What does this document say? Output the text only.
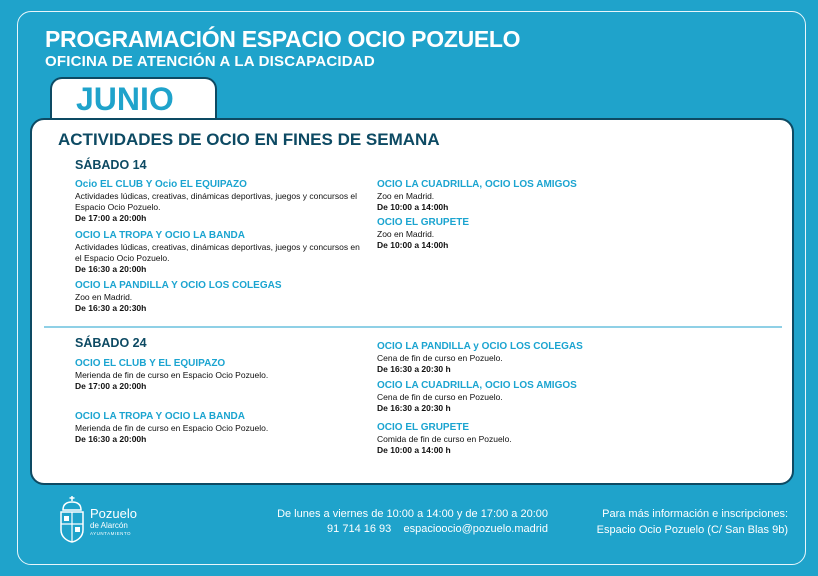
PROGRAMACIÓN ESPACIO OCIO POZUELO
OFICINA DE ATENCIÓN A LA DISCAPACIDAD
JUNIO
ACTIVIDADES DE OCIO EN FINES DE SEMANA
SÁBADO 14
SÁBADO 24
Ocio EL CLUB Y Ocio EL EQUIPAZO
Actividades lúdicas, creativas, dinámicas deportivas, juegos y concursos el Espacio Ocio Pozuelo.
De 17:00 a 20:00h
OCIO LA TROPA Y OCIO LA BANDA
Actividades lúdicas, creativas, dinámicas deportivas, juegos y concursos en el Espacio Ocio Pozuelo.
De 16:30 a 20:00h
OCIO LA PANDILLA Y OCIO LOS COLEGAS
Zoo en Madrid.
De 16:30 a 20:30h
OCIO LA CUADRILLA, OCIO LOS AMIGOS
Zoo en Madrid.
De 10:00 a 14:00h
OCIO EL GRUPETE
Zoo en Madrid.
De 10:00 a 14:00h
OCIO EL CLUB Y EL EQUIPAZO
Merienda de fin de curso en Espacio Ocio Pozuelo.
De 17:00 a 20:00h
OCIO LA TROPA Y OCIO LA BANDA
Merienda de fin de curso en Espacio Ocio Pozuelo.
De 16:30 a 20:00h
OCIO LA PANDILLA y OCIO LOS COLEGAS
Cena de fin de curso en Pozuelo.
De 16:30 a 20:30 h
OCIO LA CUADRILLA, OCIO LOS AMIGOS
Cena de fin de curso en Pozuelo.
De 16:30 a 20:30 h
OCIO EL GRUPETE
Comida de fin de curso en Pozuelo.
De 10:00 a 14:00 h
Pozuelo
de Alarcón
AYUNTAMIENTO
De lunes a viernes de 10:00 a 14:00 y de 17:00 a 20:00
91 714 16 93 espacioocio@pozuelo.madrid
Para más información e inscripciones:
Espacio Ocio Pozuelo (C/ San Blas 9b)
